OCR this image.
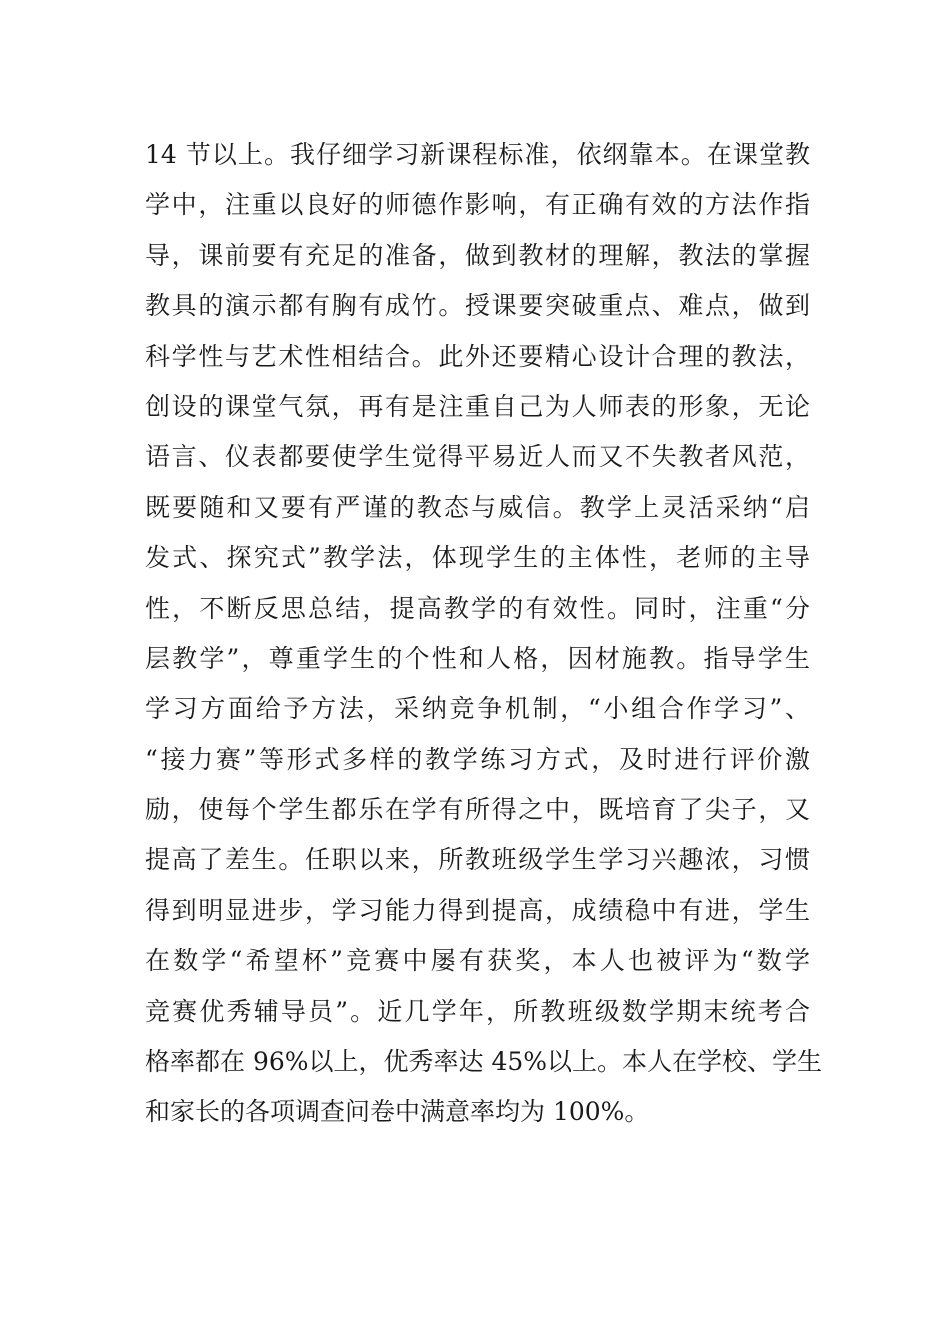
14 节以上。我仔细学习新课程标准，依纲靠本。在课堂教
学中，注重以良好的师德作影响，有正确有效的方法作指
导，课前要有充足的准备，做到教材的理解，教法的掌握
教具的演示都有胸有成竹。授课要突破重点、难点，做到
科学性与艺术性相结合。此外还要精心设计合理的教法，
创设的课堂气氛，再有是注重自己为人师表的形象，无论
语言、仪表都要使学生觉得平易近人而又不失教者风范，
既要随和又要有严谨的教态与威信。教学上灵活采纳“启
发式、探究式”教学法，体现学生的主体性，老师的主导
性，不断反思总结，提高教学的有效性。同时，注重“分
层教学”，尊重学生的个性和人格，因材施教。指导学生
学习方面给予方法，采纳竞争机制，“小组合作学习”、
“接力赛”等形式多样的教学练习方式，及时进行评价激
励，使每个学生都乐在学有所得之中，既培育了尖子，又
提高了差生。任职以来，所教班级学生学习兴趣浓，习惯
得到明显进步，学习能力得到提高，成绩稳中有进，学生
在数学“希望杯”竞赛中屡有获奖，本人也被评为“数学
竞赛优秀辅导员”。近几学年，所教班级数学期末统考合
格率都在 96%以上，优秀率达 45%以上。本人在学校、学生
和家长的各项调查问卷中满意率均为 100%。
